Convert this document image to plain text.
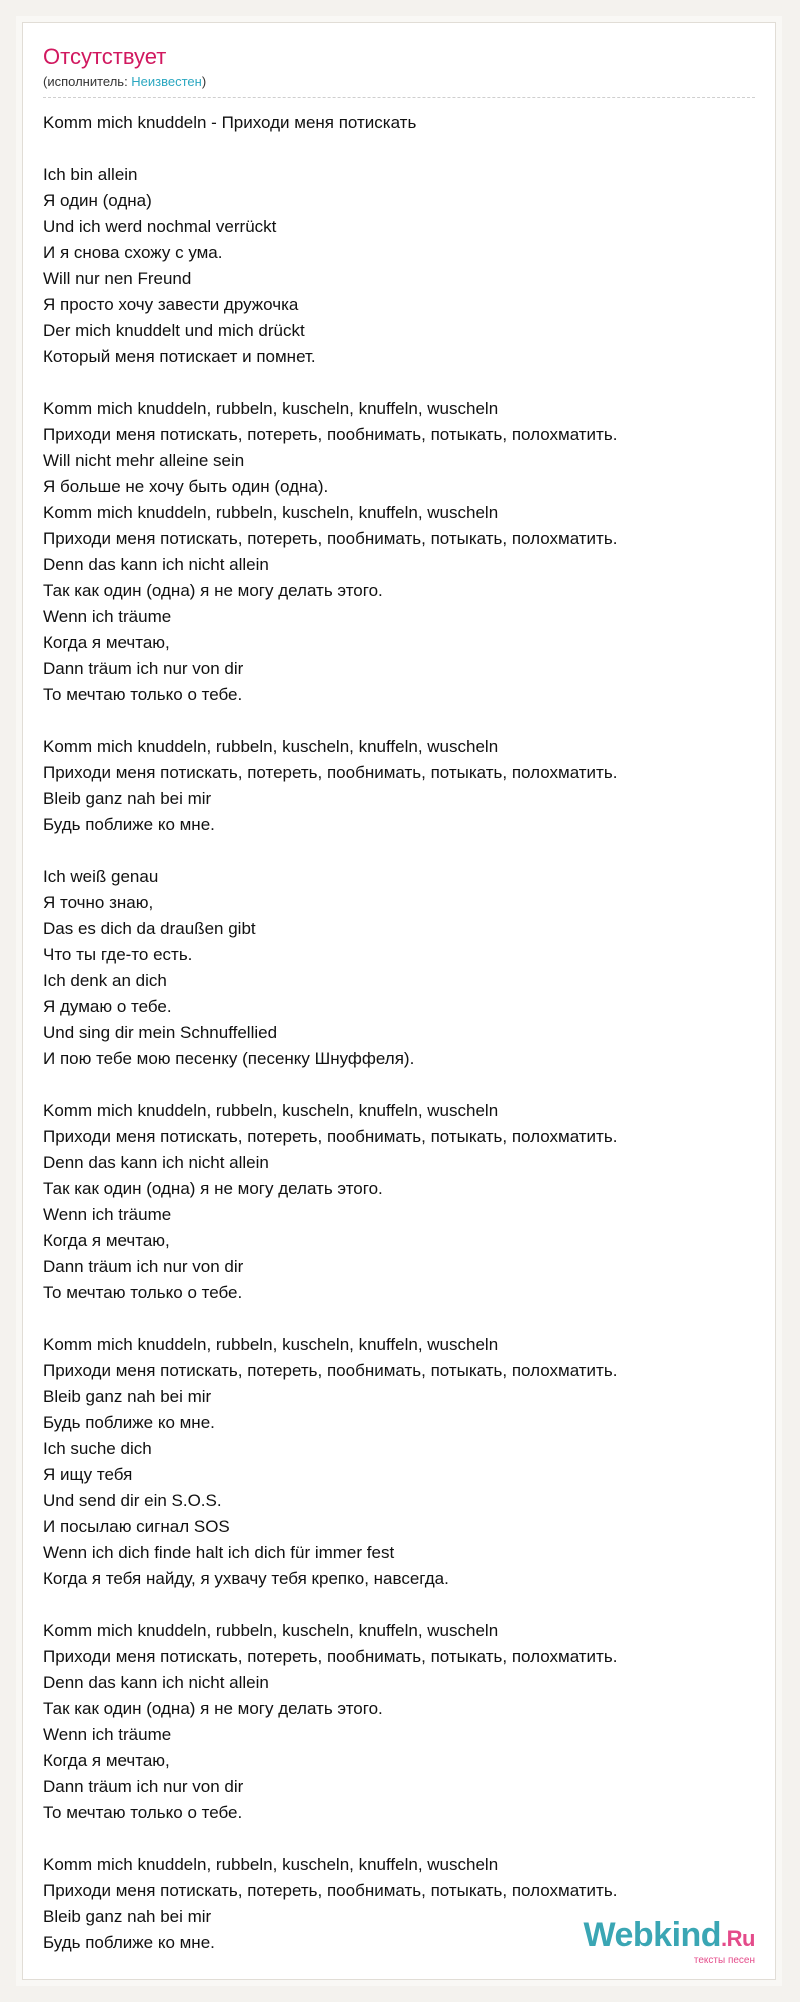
Отсутствует
(исполнитель: Неизвестен)
Komm mich knuddeln - Приходи меня потискать
Ich bin allein
Я один (одна)
Und ich werd nochmal verrückt
И я снова схожу с ума.
Will nur nen Freund
Я просто хочу завести дружочка
Der mich knuddelt und mich drückt
Который меня потискает и помнет.
Komm mich knuddeln, rubbeln, kuscheln, knuffeln, wuscheln
Приходи меня потискать, потереть, пообнимать, потыкать, полохматить.
Will nicht mehr alleine sein
Я больше не хочу быть один (одна).
Komm mich knuddeln, rubbeln, kuscheln, knuffeln, wuscheln
Приходи меня потискать, потереть, пообнимать, потыкать, полохматить.
Denn das kann ich nicht allein
Так как один (одна) я не могу делать этого.
Wenn ich träume
Когда я мечтаю,
Dann träum ich nur von dir
То мечтаю только о тебе.
Komm mich knuddeln, rubbeln, kuscheln, knuffeln, wuscheln
Приходи меня потискать, потереть, пообнимать, потыкать, полохматить.
Bleib ganz nah bei mir
Будь поближе ко мне.
Ich weiß genau
Я точно знаю,
Das es dich da draußen gibt
Что ты где-то есть.
Ich denk an dich
Я думаю о тебе.
Und sing dir mein Schnuffellied
И пою тебе мою песенку (песенку Шнуффеля).
Komm mich knuddeln, rubbeln, kuscheln, knuffeln, wuscheln
Приходи меня потискать, потереть, пообнимать, потыкать, полохматить.
Denn das kann ich nicht allein
Так как один (одна) я не могу делать этого.
Wenn ich träume
Когда я мечтаю,
Dann träum ich nur von dir
То мечтаю только о тебе.
Komm mich knuddeln, rubbeln, kuscheln, knuffeln, wuscheln
Приходи меня потискать, потереть, пообнимать, потыкать, полохматить.
Bleib ganz nah bei mir
Будь поближе ко мне.
Ich suche dich
Я ищу тебя
Und send dir ein S.O.S.
И посылаю сигнал SOS
Wenn ich dich finde halt ich dich für immer fest
Когда я тебя найду, я ухвачу тебя крепко, навсегда.
Komm mich knuddeln, rubbeln, kuscheln, knuffeln, wuscheln
Приходи меня потискать, потереть, пообнимать, потыкать, полохматить.
Denn das kann ich nicht allein
Так как один (одна) я не могу делать этого.
Wenn ich träume
Когда я мечтаю,
Dann träum ich nur von dir
То мечтаю только о тебе.
Komm mich knuddeln, rubbeln, kuscheln, knuffeln, wuscheln
Приходи меня потискать, потереть, пообнимать, потыкать, полохматить.
Bleib ganz nah bei mir
Будь поближе ко мне.	Webkind.Ru
тексты песен
